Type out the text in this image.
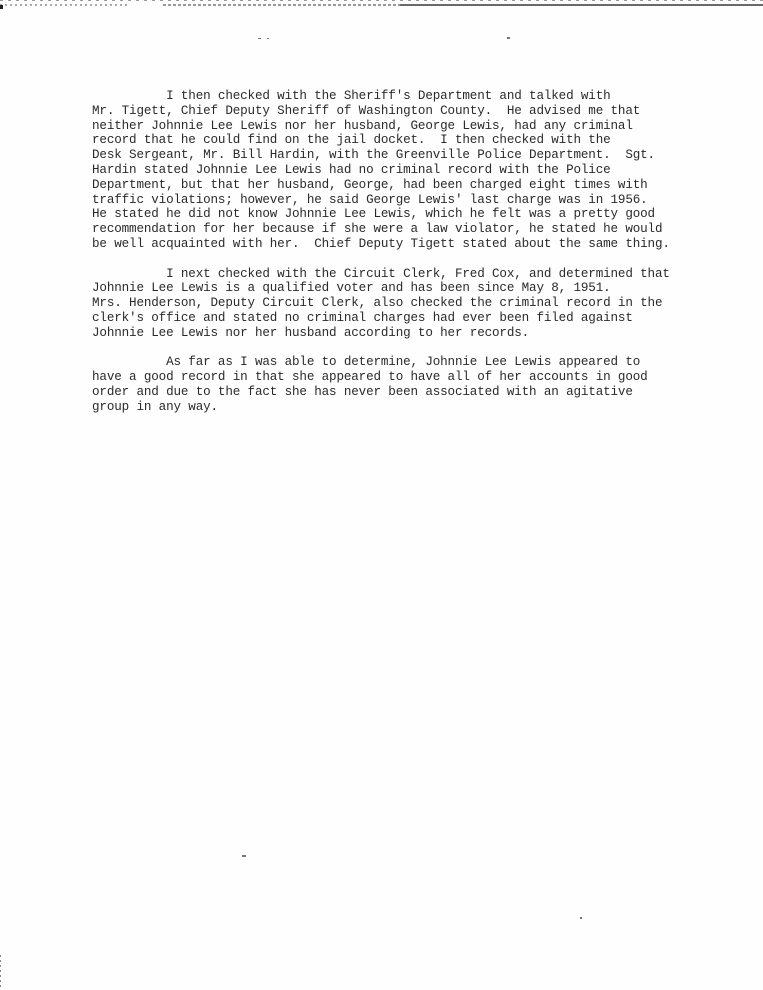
I then checked with the Sheriff's Department and talked with
Mr. Tigett, Chief Deputy Sheriff of Washington County.  He advised me that
neither Johnnie Lee Lewis nor her husband, George Lewis, had any criminal
record that he could find on the jail docket.  I then checked with the
Desk Sergeant, Mr. Bill Hardin, with the Greenville Police Department.  Sgt.
Hardin stated Johnnie Lee Lewis had no criminal record with the Police
Department, but that her husband, George, had been charged eight times with
traffic violations; however, he said George Lewis' last charge was in 1956.
He stated he did not know Johnnie Lee Lewis, which he felt was a pretty good
recommendation for her because if she were a law violator, he stated he would
be well acquainted with her.  Chief Deputy Tigett stated about the same thing.
I next checked with the Circuit Clerk, Fred Cox, and determined that
Johnnie Lee Lewis is a qualified voter and has been since May 8, 1951.
Mrs. Henderson, Deputy Circuit Clerk, also checked the criminal record in the
clerk's office and stated no criminal charges had ever been filed against
Johnnie Lee Lewis nor her husband according to her records.
As far as I was able to determine, Johnnie Lee Lewis appeared to
have a good record in that she appeared to have all of her accounts in good
order and due to the fact she has never been associated with an agitative
group in any way.
